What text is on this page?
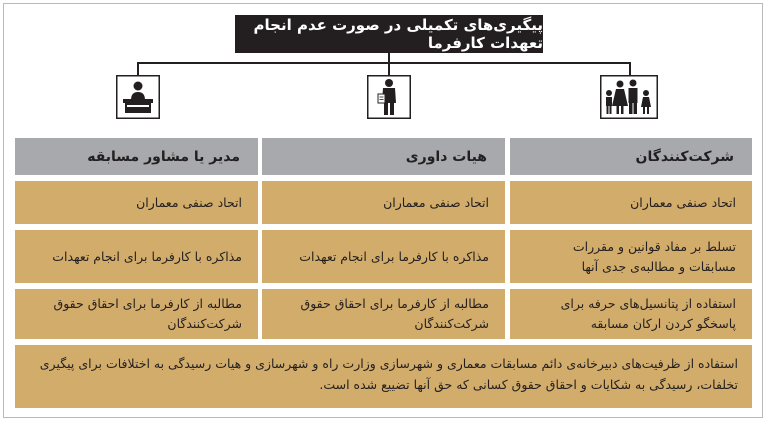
پیگیری‌های تکمیلی در صورت عدم انجام تعهدات کارفرما
شرکت‌کنندگان
هیات داوری
مدیر یا مشاور مسابقه
اتحاد صنفی معماران
تسلط بر مفاد قوانین و مقررات مسابقات و مطالبه‌ی جدی آنها
استفاده از پتانسیل‌های حرفه برای پاسخگو کردن ارکان مسابقه
اتحاد صنفی معماران
مذاکره با کارفرما برای انجام تعهدات
مطالبه از کارفرما برای احقاق حقوق شرکت‌کنندگان
اتحاد صنفی معماران
مذاکره با کارفرما برای انجام تعهدات
مطالبه از کارفرما برای احقاق حقوق شرکت‌کنندگان
استفاده از ظرفیت‌های دبیرخانه‌ی دائم مسابقات معماری و شهرسازی وزارت راه و شهرسازی و هیات رسیدگی به اختلافات برای پیگیری تخلفات، رسیدگی به شکایات و احقاق حقوق کسانی که حق آنها تضییع شده است.
